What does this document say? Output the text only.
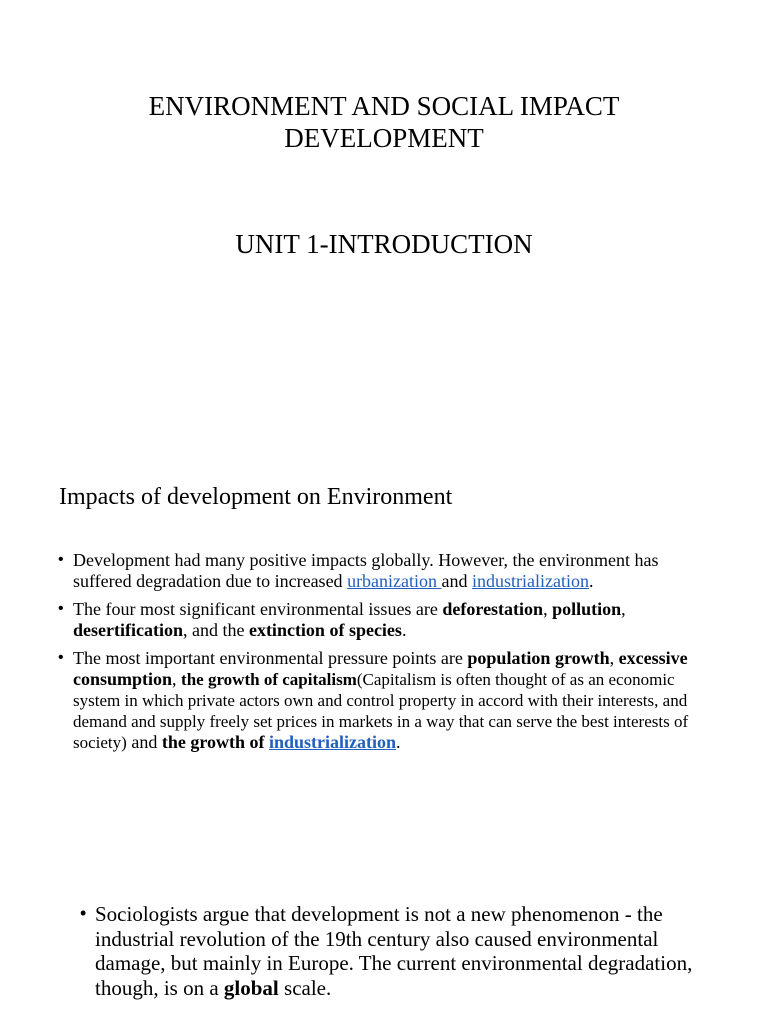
ENVIRONMENT AND SOCIAL IMPACT
DEVELOPMENT
UNIT 1-INTRODUCTION
Impacts of development on Environment
• Development had many positive impacts globally. However, the environment has suffered degradation due to increased urbanization and industrialization.
• The four most significant environmental issues are deforestation, pollution, desertification, and the extinction of species.
• The most important environmental pressure points are population growth, excessive consumption, the growth of capitalism(Capitalism is often thought of as an economic system in which private actors own and control property in accord with their interests, and demand and supply freely set prices in markets in a way that can serve the best interests of society) and the growth of industrialization.
• Sociologists argue that development is not a new phenomenon - the industrial revolution of the 19th century also caused environmental damage, but mainly in Europe. The current environmental degradation, though, is on a global scale.
